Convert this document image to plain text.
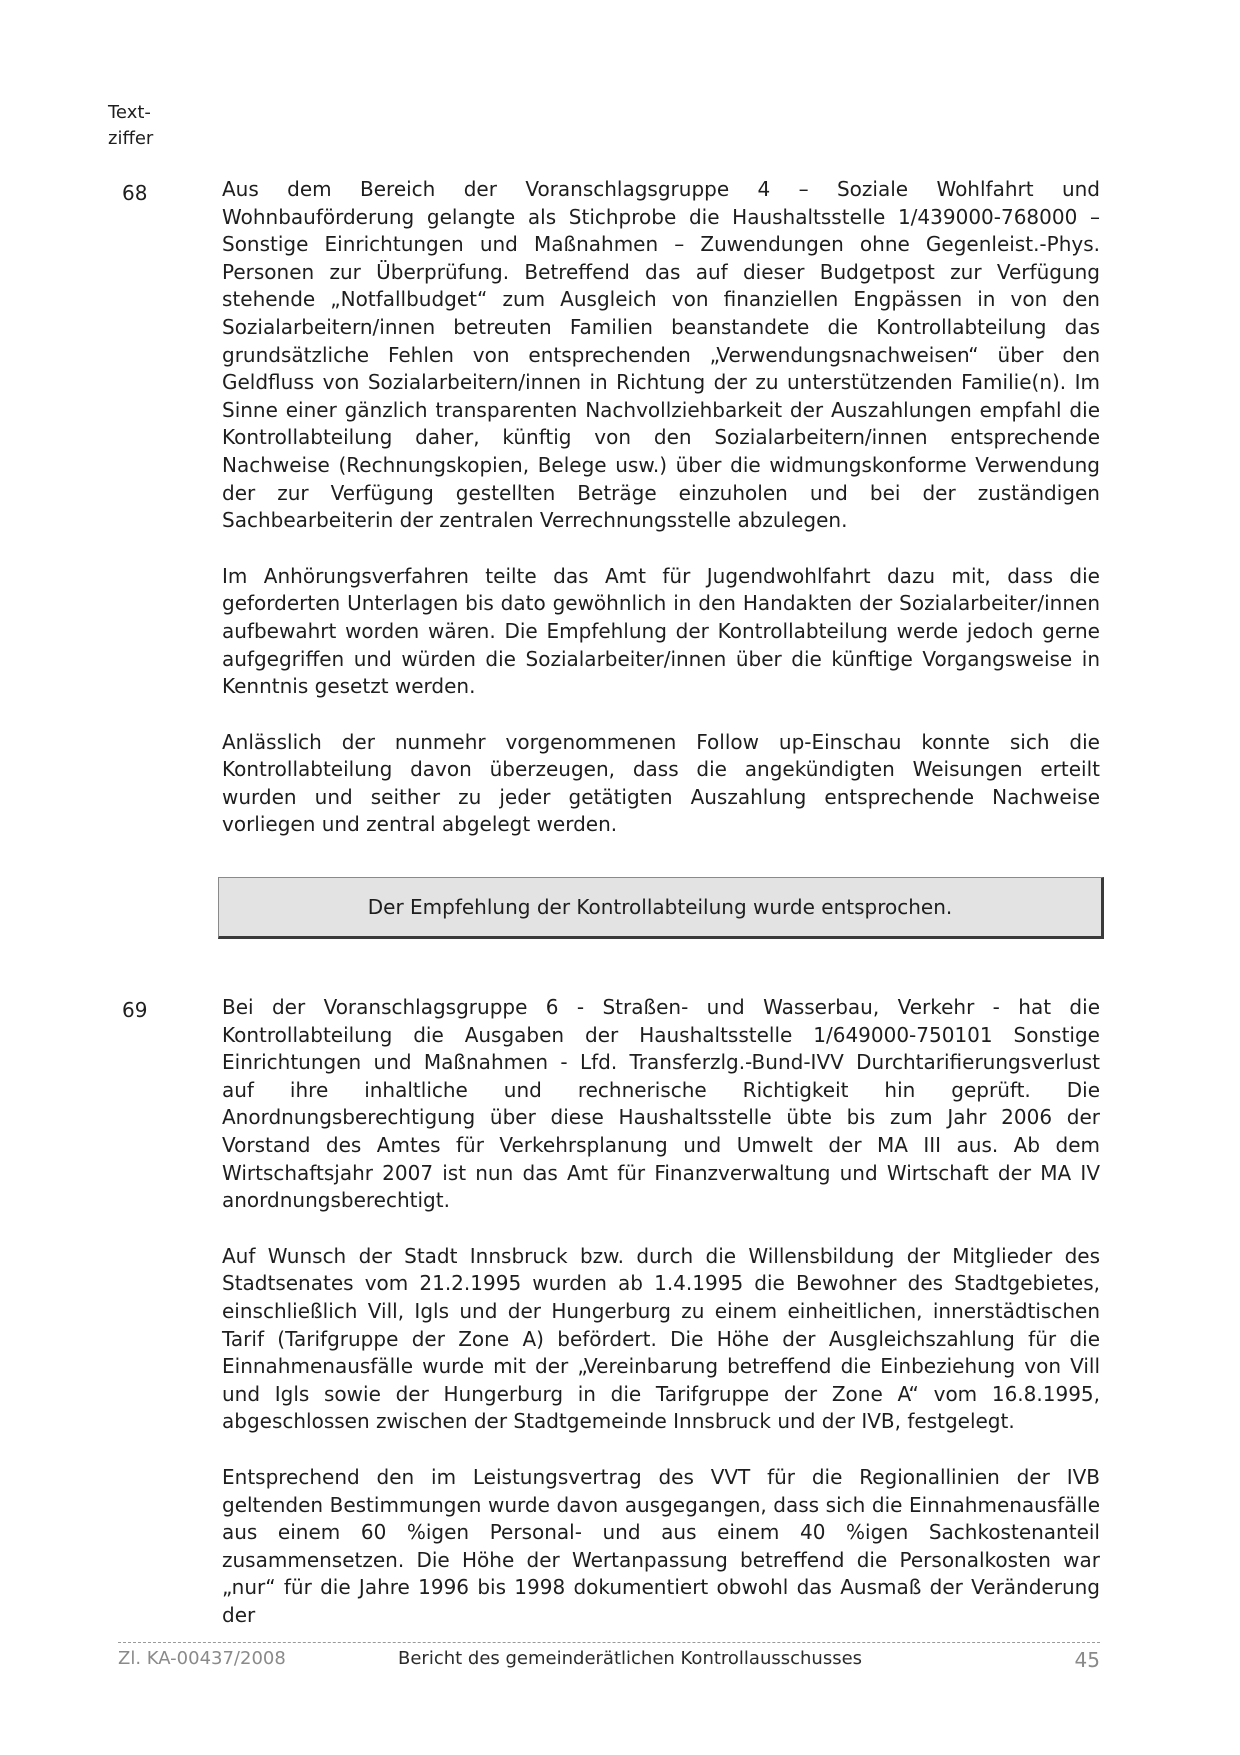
Text-
ziffer
68	Aus dem Bereich der Voranschlagsgruppe 4 – Soziale Wohlfahrt und Wohnbauförderung gelangte als Stichprobe die Haushaltsstelle 1/439000-768000 – Sonstige Einrichtungen und Maßnahmen – Zuwendungen ohne Gegenleist.-Phys. Personen zur Überprüfung. Betreffend das auf dieser Budgetpost zur Verfügung stehende „Notfallbudget“ zum Ausgleich von finanziellen Engpässen in von den Sozialarbeitern/innen betreuten Familien beanstandete die Kontrollabteilung das grundsätzliche Fehlen von entsprechenden „Verwendungsnachweisen“ über den Geldfluss von Sozialarbeitern/innen in Richtung der zu unterstützenden Familie(n). Im Sinne einer gänzlich transparenten Nachvollziehbarkeit der Auszahlungen empfahl die Kontrollabteilung daher, künftig von den Sozialarbeitern/innen entsprechende Nachweise (Rechnungskopien, Belege usw.) über die widmungskonforme Verwendung der zur Verfügung gestellten Beträge einzuholen und bei der zuständigen Sachbearbeiterin der zentralen Verrechnungsstelle abzulegen.

Im Anhörungsverfahren teilte das Amt für Jugendwohlfahrt dazu mit, dass die geforderten Unterlagen bis dato gewöhnlich in den Handakten der Sozialarbeiter/innen aufbewahrt worden wären. Die Empfehlung der Kontrollabteilung werde jedoch gerne aufgegriffen und würden die Sozialarbeiter/innen über die künftige Vorgangsweise in Kenntnis gesetzt werden.

Anlässlich der nunmehr vorgenommenen Follow up-Einschau konnte sich die Kontrollabteilung davon überzeugen, dass die angekündigten Weisungen erteilt wurden und seither zu jeder getätigten Auszahlung entsprechende Nachweise vorliegen und zentral abgelegt werden.

Der Empfehlung der Kontrollabteilung wurde entsprochen.
69	Bei der Voranschlagsgruppe 6 - Straßen- und Wasserbau, Verkehr - hat die Kontrollabteilung die Ausgaben der Haushaltsstelle 1/649000-750101 Sonstige Einrichtungen und Maßnahmen - Lfd. Transferzlg.-Bund-IVV Durchtarifierungsverlust auf ihre inhaltliche und rechnerische Richtigkeit hin geprüft. Die Anordnungsberechtigung über diese Haushaltsstelle übte bis zum Jahr 2006 der Vorstand des Amtes für Verkehrsplanung und Umwelt der MA III aus. Ab dem Wirtschaftsjahr 2007 ist nun das Amt für Finanzverwaltung und Wirtschaft der MA IV anordnungsberechtigt.

Auf Wunsch der Stadt Innsbruck bzw. durch die Willensbildung der Mitglieder des Stadtsenates vom 21.2.1995 wurden ab 1.4.1995 die Bewohner des Stadtgebietes, einschließlich Vill, Igls und der Hungerburg zu einem einheitlichen, innerstädtischen Tarif (Tarifgruppe der Zone A) befördert. Die Höhe der Ausgleichszahlung für die Einnahmenausfälle wurde mit der „Vereinbarung betreffend die Einbeziehung von Vill und Igls sowie der Hungerburg in die Tarifgruppe der Zone A“ vom 16.8.1995, abgeschlossen zwischen der Stadtgemeinde Innsbruck und der IVB, festgelegt.

Entsprechend den im Leistungsvertrag des VVT für die Regionallinien der IVB geltenden Bestimmungen wurde davon ausgegangen, dass sich die Einnahmenausfälle aus einem 60 %igen Personal- und aus einem 40 %igen Sachkostenanteil zusammensetzen. Die Höhe der Wertanpassung betreffend die Personalkosten war „nur“ für die Jahre 1996 bis 1998 dokumentiert obwohl das Ausmaß der Veränderung der

Zl. KA-00437/2008	Bericht des gemeinderätlichen Kontrollausschusses	45
